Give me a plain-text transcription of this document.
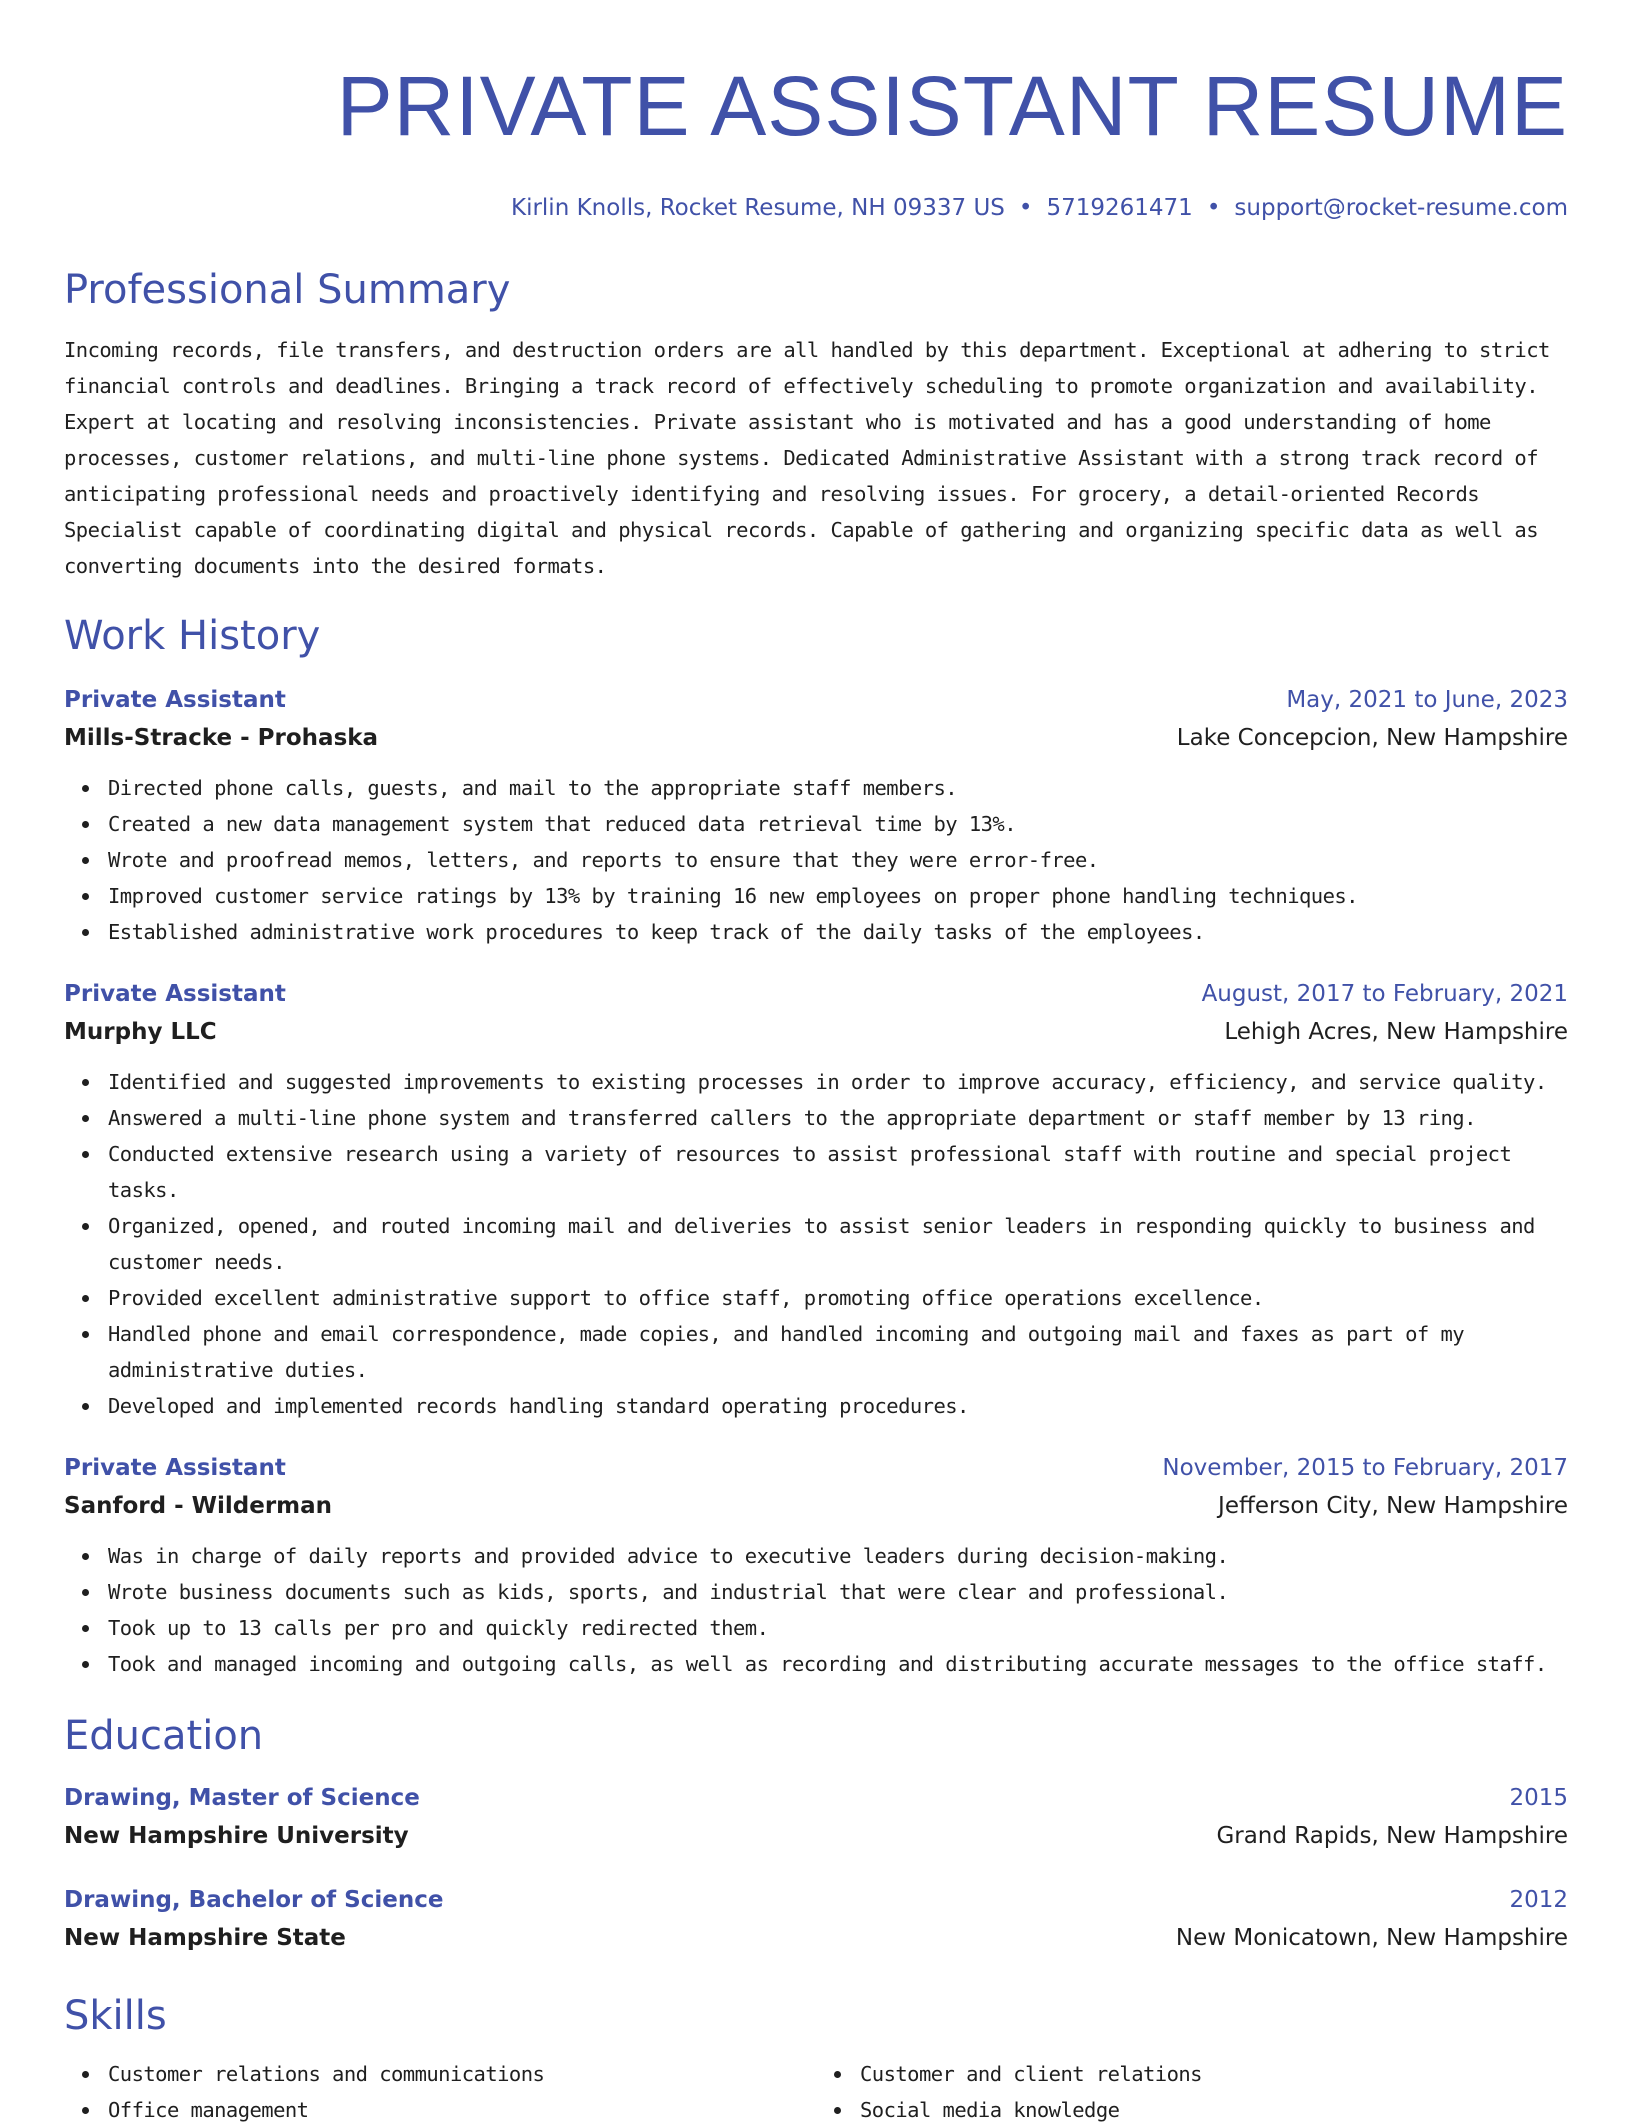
PRIVATE ASSISTANT RESUME
Kirlin Knolls, Rocket Resume, NH 09337 US • 5719261471 • support@rocket-resume.com
Professional Summary

Incoming records, file transfers, and destruction orders are all handled by this department. Exceptional at adhering to strict financial controls and deadlines. Bringing a track record of effectively scheduling to promote organization and availability. Expert at locating and resolving inconsistencies. Private assistant who is motivated and has a good understanding of home processes, customer relations, and multi-line phone systems. Dedicated Administrative Assistant with a strong track record of anticipating professional needs and proactively identifying and resolving issues. For grocery, a detail-oriented Records Specialist capable of coordinating digital and physical records. Capable of gathering and organizing specific data as well as converting documents into the desired formats.

Work History
Private Assistant	May, 2021 to June, 2023
Mills-Stracke - Prohaska	Lake Concepcion, New Hampshire
Directed phone calls, guests, and mail to the appropriate staff members.
Created a new data management system that reduced data retrieval time by 13%.
Wrote and proofread memos, letters, and reports to ensure that they were error-free.
Improved customer service ratings by 13% by training 16 new employees on proper phone handling techniques.
Established administrative work procedures to keep track of the daily tasks of the employees.
Private Assistant	August, 2017 to February, 2021
Murphy LLC	Lehigh Acres, New Hampshire
Identified and suggested improvements to existing processes in order to improve accuracy, efficiency, and service quality.
Answered a multi-line phone system and transferred callers to the appropriate department or staff member by 13 ring.
Conducted extensive research using a variety of resources to assist professional staff with routine and special project tasks.
Organized, opened, and routed incoming mail and deliveries to assist senior leaders in responding quickly to business and customer needs.
Provided excellent administrative support to office staff, promoting office operations excellence.
Handled phone and email correspondence, made copies, and handled incoming and outgoing mail and faxes as part of my administrative duties.
Developed and implemented records handling standard operating procedures.
Private Assistant	November, 2015 to February, 2017
Sanford - Wilderman	Jefferson City, New Hampshire
Was in charge of daily reports and provided advice to executive leaders during decision-making.
Wrote business documents such as kids, sports, and industrial that were clear and professional.
Took up to 13 calls per pro and quickly redirected them.
Took and managed incoming and outgoing calls, as well as recording and distributing accurate messages to the office staff.
Education
Drawing, Master of Science	2015
New Hampshire University	Grand Rapids, New Hampshire
Drawing, Bachelor of Science	2012
New Hampshire State	New Monicatown, New Hampshire
Skills
Customer relations and communications
Office management
Customer and client relations
Social media knowledge
